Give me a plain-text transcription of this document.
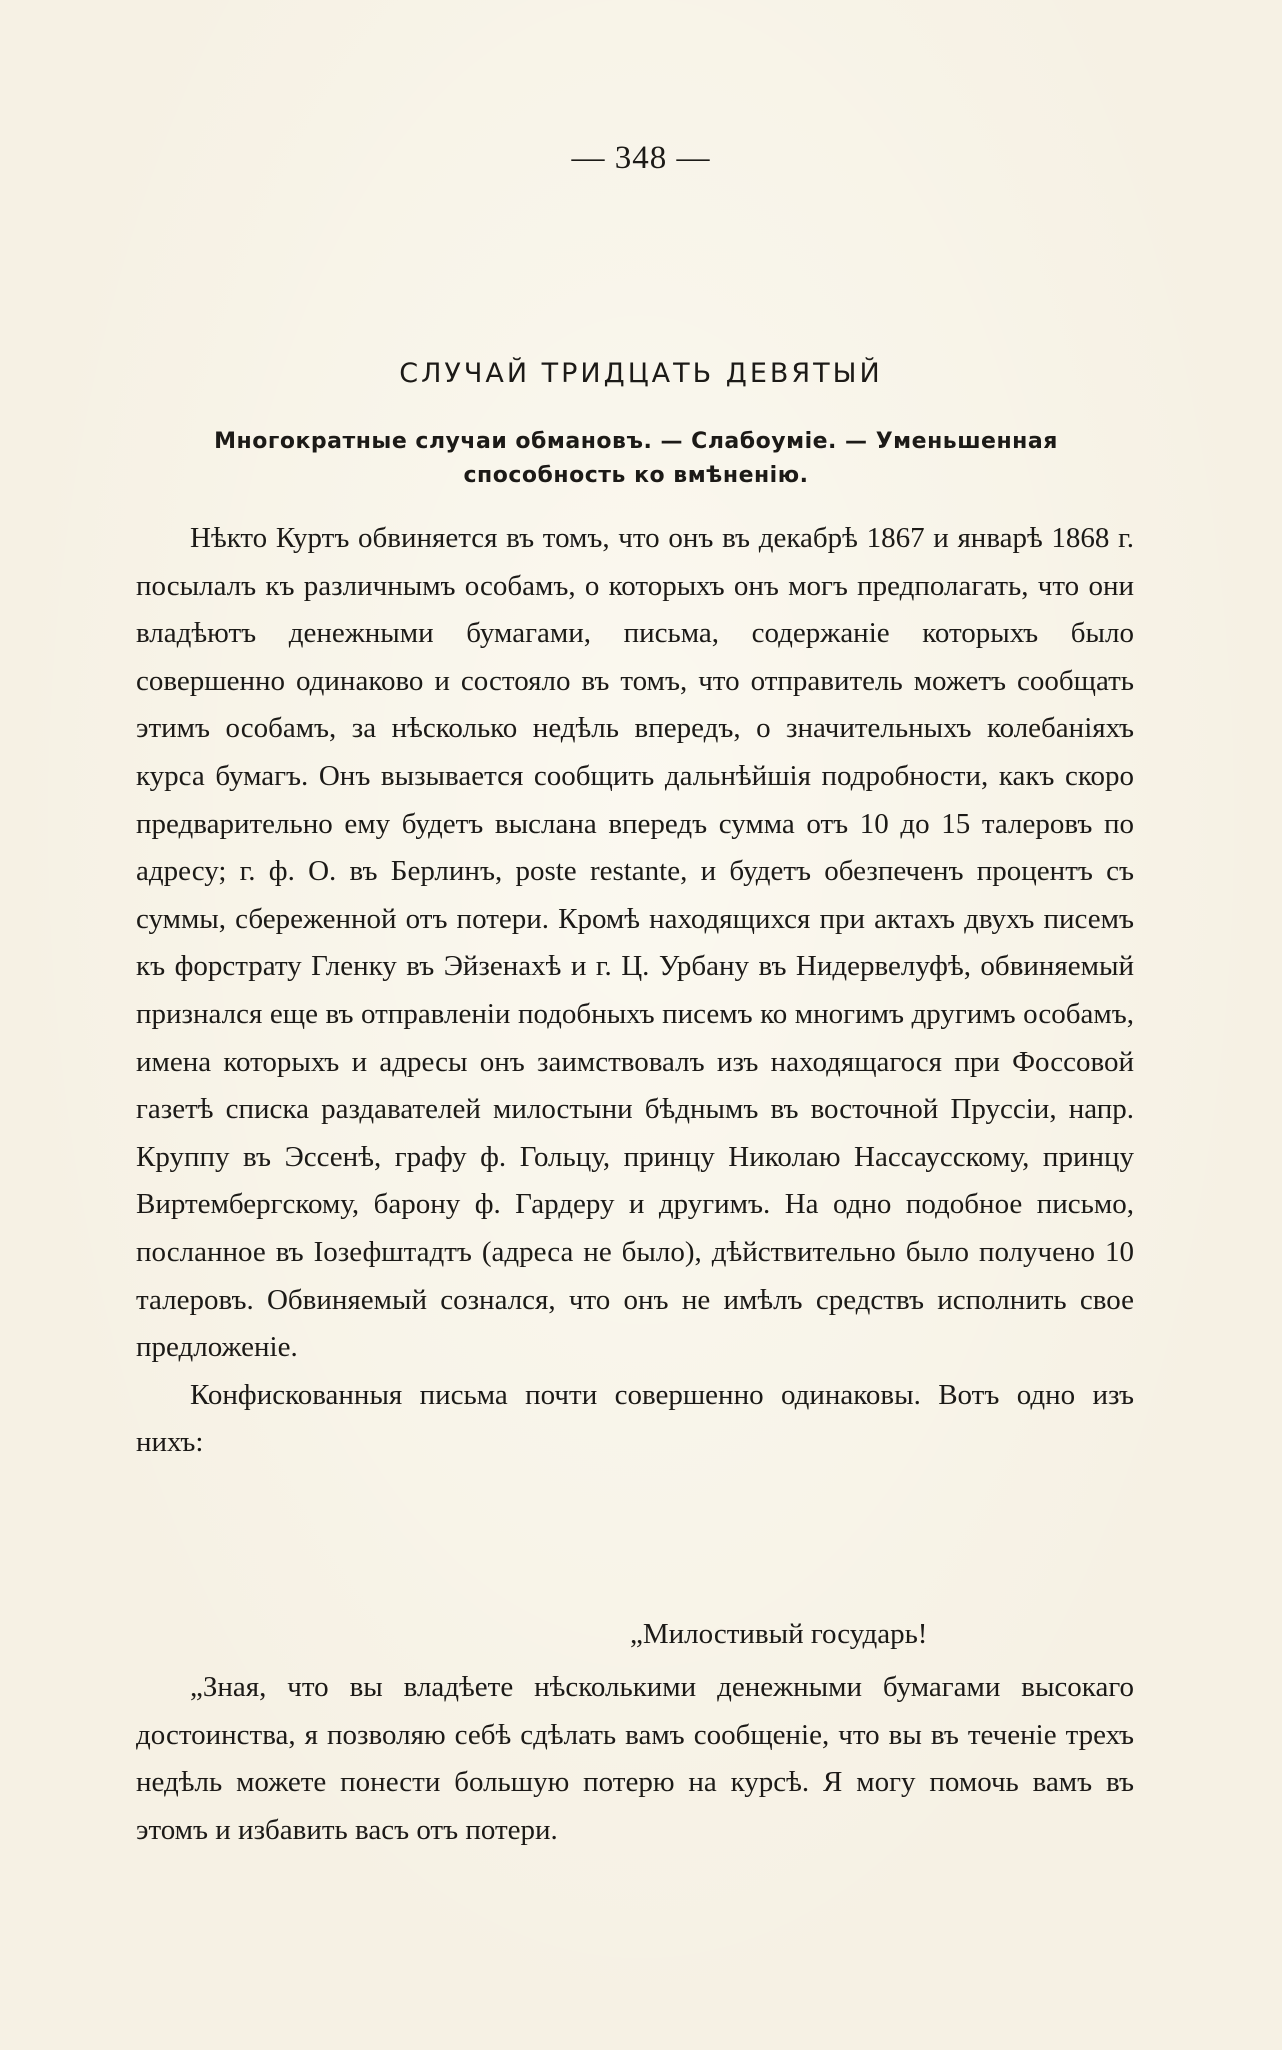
— 348 —
СЛУЧАЙ ТРИДЦАТЬ ДЕВЯТЫЙ
Многократные случаи обмановъ. — Слабоумiе. — Уменьшенная способность ко вмѣненiю.

Нѣкто Куртъ обвиняется въ томъ, что онъ въ декабрѣ 1867 и январѣ 1868 г. посылалъ къ различнымъ особамъ, о которыхъ онъ могъ предполагать, что они владѣютъ денежными бумагами, письма, содержанiе которыхъ было совершенно одинаково и состояло въ томъ, что отправитель можетъ сообщать этимъ особамъ, за нѣсколько недѣль впередъ, о значительныхъ колебанiяхъ курса бумагъ. Онъ вызывается сообщить дальнѣйшiя подробности, какъ скоро предварительно ему будетъ выслана впередъ сумма отъ 10 до 15 талеровъ по адресу; г. ф. О. въ Берлинъ, poste restante, и будетъ обезпеченъ процентъ съ суммы, сбереженной отъ потери. Кромѣ находящихся при актахъ двухъ писемъ къ форстрату Гленку въ Эйзенахѣ и г. Ц. Урбану въ Нидервелуфѣ, обвиняемый признался еще въ отправленiи подобныхъ писемъ ко многимъ другимъ особамъ, имена которыхъ и адресы онъ заимствовалъ изъ находящагося при Фоссовой газетѣ списка раздавателей милостыни бѣднымъ въ восточной Пруссiи, напр. Круппу въ Эссенѣ, графу ф. Гольцу, принцу Николаю Нассаусскому, принцу Виртембергскому, барону ф. Гардеру и другимъ. На одно подобное письмо, посланное въ Iозефштадтъ (адреса не было), дѣйствительно было получено 10 талеровъ. Обвиняемый сознался, что онъ не имѣлъ средствъ исполнить свое предложенiе.

Конфискованныя письма почти совершенно одинаковы. Вотъ одно изъ нихъ:

„Милостивый государь!

„Зная, что вы владѣете нѣсколькими денежными бумагами высокаго достоинства, я позволяю себѣ сдѣлать вамъ сообщенiе, что вы въ теченiе трехъ недѣль можете понести большую потерю на курсѣ. Я могу помочь вамъ въ этомъ и избавить васъ отъ потери.
